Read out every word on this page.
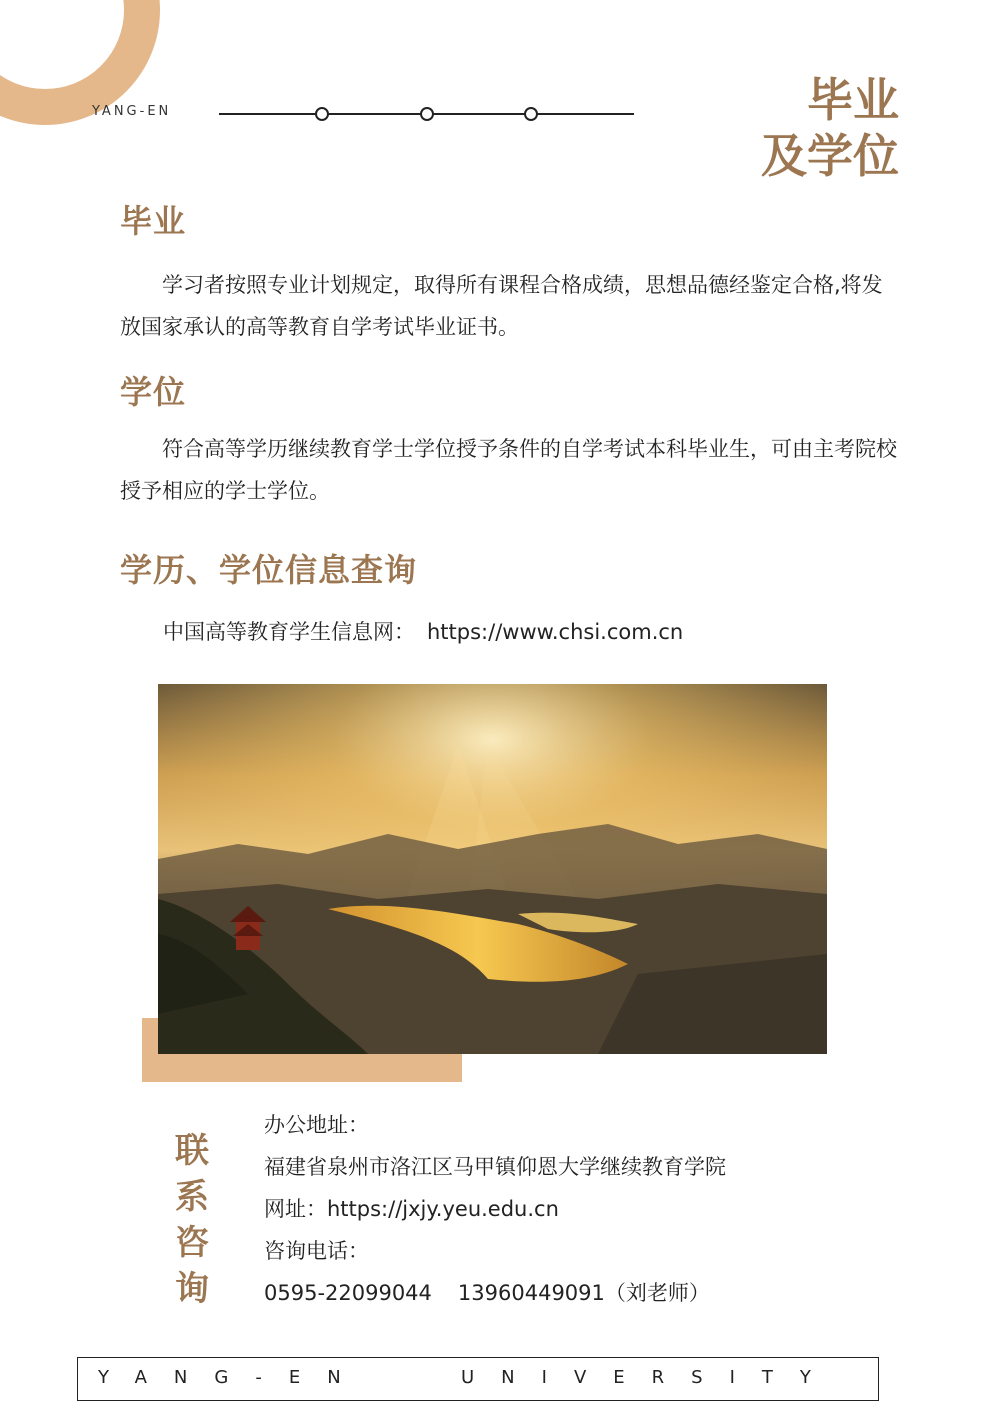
YANG-EN	毕业
及学位
毕业
学习者按照专业计划规定，取得所有课程合格成绩，思想品德经鉴定合格,将发放国家承认的高等教育自学考试毕业证书。
学位
符合高等学历继续教育学士学位授予条件的自学考试本科毕业生，可由主考院校授予相应的学士学位。
学历、学位信息查询
中国高等教育学生信息网： https://www.chsi.com.cn
联
系
咨
询
办公地址：
福建省泉州市洛江区马甲镇仰恩大学继续教育学院
网址：https://jxjy.yeu.edu.cn
咨询电话：
0595-22099044 13960449091（刘老师）
YANG-EN	UNIVERSITY
